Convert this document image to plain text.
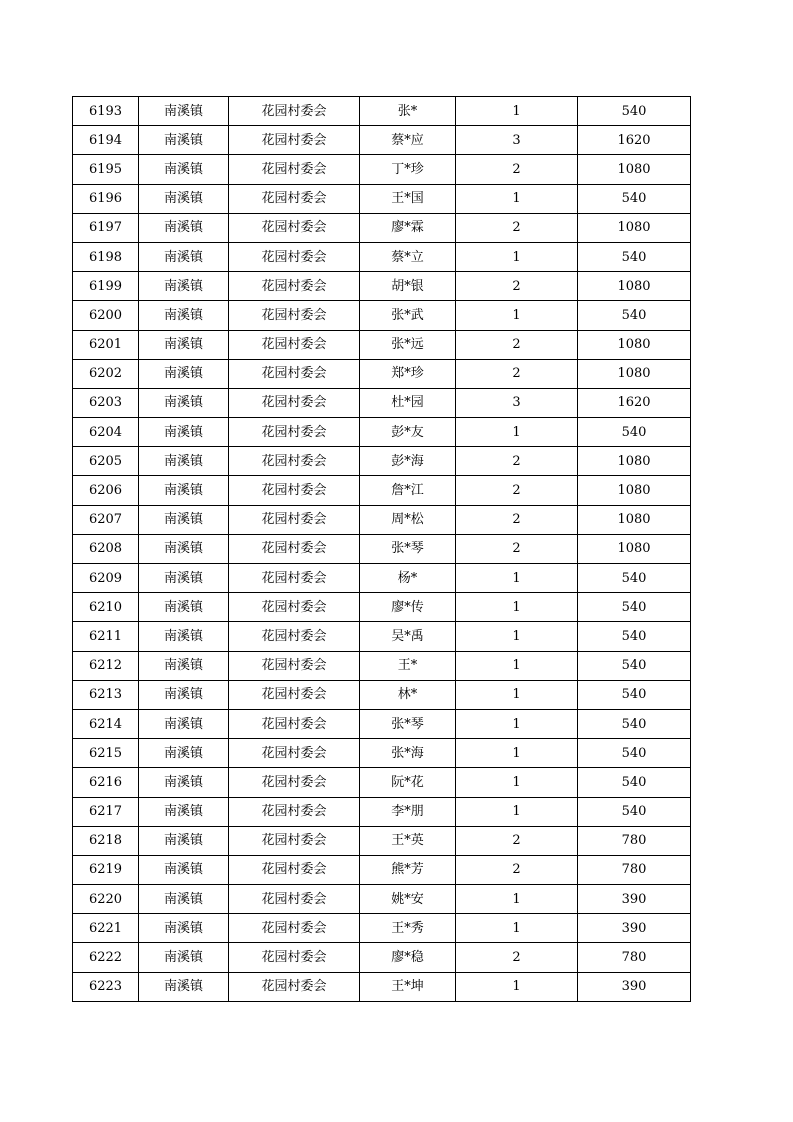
6193	南溪镇	花园村委会	张*	1	540
6194	南溪镇	花园村委会	蔡*应	3	1620
6195	南溪镇	花园村委会	丁*珍	2	1080
6196	南溪镇	花园村委会	王*国	1	540
6197	南溪镇	花园村委会	廖*霖	2	1080
6198	南溪镇	花园村委会	蔡*立	1	540
6199	南溪镇	花园村委会	胡*银	2	1080
6200	南溪镇	花园村委会	张*武	1	540
6201	南溪镇	花园村委会	张*远	2	1080
6202	南溪镇	花园村委会	郑*珍	2	1080
6203	南溪镇	花园村委会	杜*园	3	1620
6204	南溪镇	花园村委会	彭*友	1	540
6205	南溪镇	花园村委会	彭*海	2	1080
6206	南溪镇	花园村委会	詹*江	2	1080
6207	南溪镇	花园村委会	周*松	2	1080
6208	南溪镇	花园村委会	张*琴	2	1080
6209	南溪镇	花园村委会	杨*	1	540
6210	南溪镇	花园村委会	廖*传	1	540
6211	南溪镇	花园村委会	吴*禹	1	540
6212	南溪镇	花园村委会	王*	1	540
6213	南溪镇	花园村委会	林*	1	540
6214	南溪镇	花园村委会	张*琴	1	540
6215	南溪镇	花园村委会	张*海	1	540
6216	南溪镇	花园村委会	阮*花	1	540
6217	南溪镇	花园村委会	李*朋	1	540
6218	南溪镇	花园村委会	王*英	2	780
6219	南溪镇	花园村委会	熊*芳	2	780
6220	南溪镇	花园村委会	姚*安	1	390
6221	南溪镇	花园村委会	王*秀	1	390
6222	南溪镇	花园村委会	廖*稳	2	780
6223	南溪镇	花园村委会	王*坤	1	390
